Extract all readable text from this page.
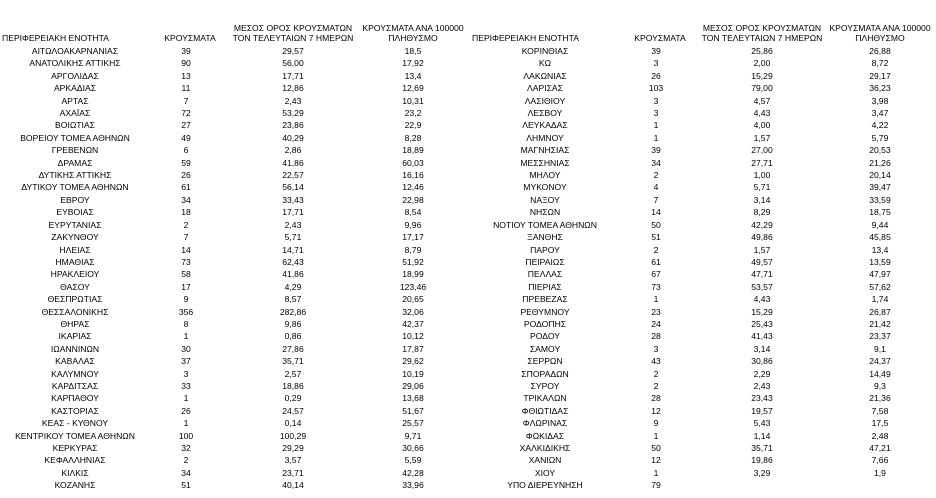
ΠΕΡΙΦΕΡΕΙΑΚΗ ΕΝΟΤΗΤΑ	ΚΡΟΥΣΜΑΤΑ	ΜΕΣΟΣ ΟΡΟΣ ΚΡΟΥΣΜΑΤΩΝ ΤΟΝ ΤΕΛΕΥΤΑΙΩΝ 7 ΗΜΕΡΩΝ	ΚΡΟΥΣΜΑΤΑ ΑΝΑ 100000 ΠΛΗΘΥΣΜΟ
ΑΙΤΩΛΟΑΚΑΡΝΑΝΙΑΣ	39	29,57	18,5
ΑΝΑΤΟΛΙΚΗΣ ΑΤΤΙΚΗΣ	90	56,00	17,92
ΑΡΓΟΛΙΔΑΣ	13	17,71	13,4
ΑΡΚΑΔΙΑΣ	11	12,86	12,69
ΑΡΤΑΣ	7	2,43	10,31
ΑΧΑΪΑΣ	72	53,29	23,2
ΒΟΙΩΤΙΑΣ	27	23,86	22,9
ΒΟΡΕΙΟΥ ΤΟΜΕΑ ΑΘΗΝΩΝ	49	40,29	8,28
ΓΡΕΒΕΝΩΝ	6	2,86	18,89
ΔΡΑΜΑΣ	59	41,86	60,03
ΔΥΤΙΚΗΣ ΑΤΤΙΚΗΣ	26	22,57	16,16
ΔΥΤΙΚΟΥ ΤΟΜΕΑ ΑΘΗΝΩΝ	61	56,14	12,46
ΕΒΡΟΥ	34	33,43	22,98
ΕΥΒΟΙΑΣ	18	17,71	8,54
ΕΥΡΥΤΑΝΙΑΣ	2	2,43	9,96
ΖΑΚΥΝΘΟΥ	7	5,71	17,17
ΗΛΕΙΑΣ	14	14,71	8,79
ΗΜΑΘΙΑΣ	73	62,43	51,92
ΗΡΑΚΛΕΙΟΥ	58	41,86	18,99
ΘΑΣΟΥ	17	4,29	123,46
ΘΕΣΠΡΩΤΙΑΣ	9	8,57	20,65
ΘΕΣΣΑΛΟΝΙΚΗΣ	356	282,86	32,06
ΘΗΡΑΣ	8	9,86	42,37
ΙΚΑΡΙΑΣ	1	0,86	10,12
ΙΩΑΝΝΙΝΩΝ	30	27,86	17,87
ΚΑΒΑΛΑΣ	37	35,71	29,62
ΚΑΛΥΜΝΟΥ	3	2,57	10,19
ΚΑΡΔΙΤΣΑΣ	33	18,86	29,06
ΚΑΡΠΑΘΟΥ	1	0,29	13,68
ΚΑΣΤΟΡΙΑΣ	26	24,57	51,67
ΚΕΑΣ - ΚΥΘΝΟΥ	1	0,14	25,57
ΚΕΝΤΡΙΚΟΥ ΤΟΜΕΑ ΑΘΗΝΩΝ	100	100,29	9,71
ΚΕΡΚΥΡΑΣ	32	29,29	30,66
ΚΕΦΑΛΛΗΝΙΑΣ	2	3,57	5,59
ΚΙΛΚΙΣ	34	23,71	42,28
ΚΟΖΑΝΗΣ	51	40,14	33,96
ΠΕΡΙΦΕΡΕΙΑΚΗ ΕΝΟΤΗΤΑ	ΚΡΟΥΣΜΑΤΑ	ΜΕΣΟΣ ΟΡΟΣ ΚΡΟΥΣΜΑΤΩΝ ΤΟΝ ΤΕΛΕΥΤΑΙΩΝ 7 ΗΜΕΡΩΝ	ΚΡΟΥΣΜΑΤΑ ΑΝΑ 100000 ΠΛΗΘΥΣΜΟ
ΚΟΡΙΝΘΙΑΣ	39	25,86	26,88
ΚΩ	3	2,00	8,72
ΛΑΚΩΝΙΑΣ	26	15,29	29,17
ΛΑΡΙΣΑΣ	103	79,00	36,23
ΛΑΣΙΘΙΟΥ	3	4,57	3,98
ΛΕΣΒΟΥ	3	4,43	3,47
ΛΕΥΚΑΔΑΣ	1	4,00	4,22
ΛΗΜΝΟΥ	1	1,57	5,79
ΜΑΓΝΗΣΙΑΣ	39	27,00	20,53
ΜΕΣΣΗΝΙΑΣ	34	27,71	21,26
ΜΗΛΟΥ	2	1,00	20,14
ΜΥΚΟΝΟΥ	4	5,71	39,47
ΝΑΞΟΥ	7	3,14	33,59
ΝΗΣΩΝ	14	8,29	18,75
ΝΟΤΙΟΥ ΤΟΜΕΑ ΑΘΗΝΩΝ	50	42,29	9,44
ΞΑΝΘΗΣ	51	49,86	45,85
ΠΑΡΟΥ	2	1,57	13,4
ΠΕΙΡΑΙΩΣ	61	49,57	13,59
ΠΕΛΛΑΣ	67	47,71	47,97
ΠΙΕΡΙΑΣ	73	53,57	57,62
ΠΡΕΒΕΖΑΣ	1	4,43	1,74
ΡΕΘΥΜΝΟΥ	23	15,29	26,87
ΡΟΔΟΠΗΣ	24	25,43	21,42
ΡΟΔΟΥ	28	41,43	23,37
ΣΑΜΟΥ	3	3,14	9,1
ΣΕΡΡΩΝ	43	30,86	24,37
ΣΠΟΡΑΔΩΝ	2	2,29	14,49
ΣΥΡΟΥ	2	2,43	9,3
ΤΡΙΚΑΛΩΝ	28	23,43	21,36
ΦΘΙΩΤΙΔΑΣ	12	19,57	7,58
ΦΛΩΡΙΝΑΣ	9	5,43	17,5
ΦΩΚΙΔΑΣ	1	1,14	2,48
ΧΑΛΚΙΔΙΚΗΣ	50	35,71	47,21
ΧΑΝΙΩΝ	12	19,86	7,66
ΧΙΟΥ	1	3,29	1,9
ΥΠΟ ΔΙΕΡΕΥΝΗΣΗ	79		
